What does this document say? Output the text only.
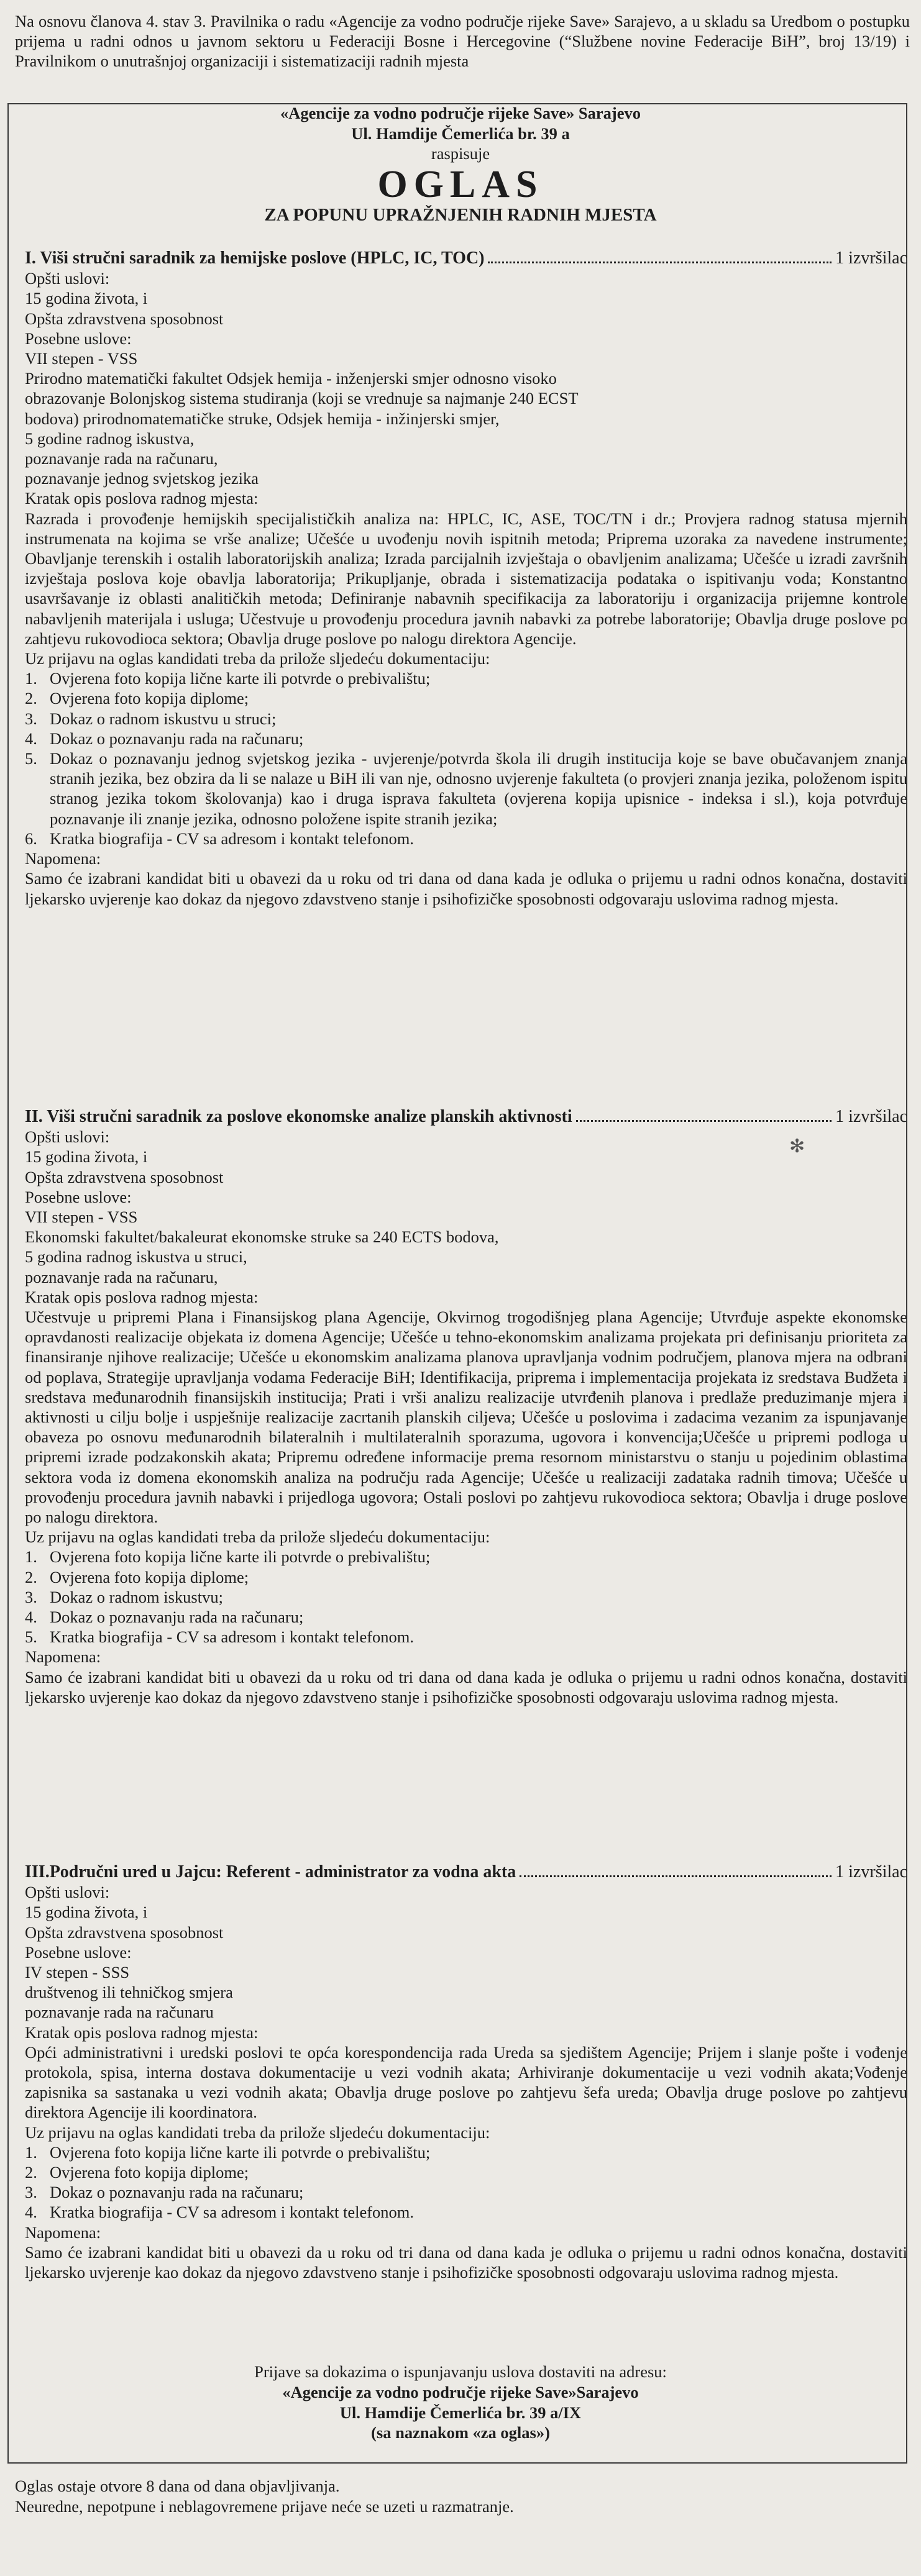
Na osnovu članova 4. stav 3. Pravilnika o radu «Agencije za vodno područje rijeke Save» Sarajevo, a u skladu sa Uredbom o postupku prijema u radni odnos u javnom sektoru u Federaciji Bosne i Hercegovine (“Službene novine Federacije BiH”, broj 13/19) i Pravilnikom o unutrašnjoj organizaciji i sistematizaciji radnih mjesta
«Agencije za vodno područje rijeke Save» Sarajevo
Ul. Hamdije Čemerlića br. 39 a
raspisuje
OGLAS
ZA POPUNU UPRAŽNJENIH RADNIH MJESTA
I. Viši stručni saradnik za hemijske poslove (HPLC, IC, TOC)	1 izvršilac
Opšti uslovi:
15 godina života, i
Opšta zdravstvena sposobnost
Posebne uslove:
VII stepen - VSS
Prirodno matematički fakultet Odsjek hemija - inženjerski smjer odnosno visoko
obrazovanje Bolonjskog sistema studiranja (koji se vrednuje sa najmanje 240 ECST
bodova) prirodnomatematičke struke, Odsjek hemija - inžinjerski smjer,
5 godine radnog iskustva,
poznavanje rada na računaru,
poznavanje jednog svjetskog jezika
Kratak opis poslova radnog mjesta:
Razrada i provođenje hemijskih specijalističkih analiza na: HPLC, IC, ASE, TOC/TN i dr.; Provjera radnog statusa mjernih instrumenata na kojima se vrše analize; Učešće u uvođenju novih ispitnih metoda; Priprema uzoraka za navedene instrumente; Obavljanje terenskih i ostalih laboratorijskih analiza; Izrada parcijalnih izvještaja o obavljenim analizama; Učešće u izradi završnih izvještaja poslova koje obavlja laboratorija; Prikupljanje, obrada i sistematizacija podataka o ispitivanju voda; Konstantno usavršavanje iz oblasti analitičkih metoda; Definiranje nabavnih specifikacija za laboratoriju i organizacija prijemne kontrole nabavljenih materijala i usluga; Učestvuje u provođenju procedura javnih nabavki za potrebe laboratorije; Obavlja druge poslove po zahtjevu rukovodioca sektora; Obavlja druge poslove po nalogu direktora Agencije.
Uz prijavu na oglas kandidati treba da prilože sljedeću dokumentaciju:
1. Ovjerena foto kopija lične karte ili potvrde o prebivalištu;
2. Ovjerena foto kopija diplome;
3. Dokaz o radnom iskustvu u struci;
4. Dokaz o poznavanju rada na računaru;
5. Dokaz o poznavanju jednog svjetskog jezika - uvjerenje/potvrda škola ili drugih institucija koje se bave obučavanjem znanja stranih jezika, bez obzira da li se nalaze u BiH ili van nje, odnosno uvjerenje fakulteta (o provjeri znanja jezika, položenom ispitu stranog jezika tokom školovanja) kao i druga isprava fakulteta (ovjerena kopija upisnice - indeksa i sl.), koja potvrđuje poznavanje ili znanje jezika, odnosno položene ispite stranih jezika;
6. Kratka biografija - CV sa adresom i kontakt telefonom.
Napomena:
Samo će izabrani kandidat biti u obavezi da u roku od tri dana od dana kada je odluka o prijemu u radni odnos konačna, dostaviti ljekarsko uvjerenje kao dokaz da njegovo zdavstveno stanje i psihofizičke sposobnosti odgovaraju uslovima radnog mjesta.
II. Viši stručni saradnik za poslove ekonomske analize planskih aktivnosti	1 izvršilac
Opšti uslovi:
15 godina života, i
Opšta zdravstvena sposobnost
Posebne uslove:
VII stepen - VSS
Ekonomski fakultet/bakaleurat ekonomske struke sa 240 ECTS bodova,
5 godina radnog iskustva u struci,
poznavanje rada na računaru,
Kratak opis poslova radnog mjesta:
Učestvuje u pripremi Plana i Finansijskog plana Agencije, Okvirnog trogodišnjeg plana Agencije; Utvrđuje aspekte ekonomske opravdanosti realizacije objekata iz domena Agencije; Učešće u tehno-ekonomskim analizama projekata pri definisanju prioriteta za finansiranje njihove realizacije; Učešće u ekonomskim analizama planova upravljanja vodnim područjem, planova mjera na odbrani od poplava, Strategije upravljanja vodama Federacije BiH; Identifikacija, priprema i implementacija projekata iz sredstava Budžeta i sredstava međunarodnih finansijskih institucija; Prati i vrši analizu realizacije utvrđenih planova i predlaže preduzimanje mjera i aktivnosti u cilju bolje i uspješnije realizacije zacrtanih planskih ciljeva; Učešće u poslovima i zadacima vezanim za ispunjavanje obaveza po osnovu međunarodnih bilateralnih i multilateralnih sporazuma, ugovora i konvencija;Učešće u pripremi podloga u pripremi izrade podzakonskih akata; Pripremu određene informacije prema resornom ministarstvu o stanju u pojedinim oblastima sektora voda iz domena ekonomskih analiza na području rada Agencije; Učešće u realizaciji zadataka radnih timova; Učešće u provođenju procedura javnih nabavki i prijedloga ugovora; Ostali poslovi po zahtjevu rukovodioca sektora; Obavlja i druge poslove po nalogu direktora.
Uz prijavu na oglas kandidati treba da prilože sljedeću dokumentaciju:
1. Ovjerena foto kopija lične karte ili potvrde o prebivalištu;
2. Ovjerena foto kopija diplome;
3. Dokaz o radnom iskustvu;
4. Dokaz o poznavanju rada na računaru;
5. Kratka biografija - CV sa adresom i kontakt telefonom.
Napomena:
Samo će izabrani kandidat biti u obavezi da u roku od tri dana od dana kada je odluka o prijemu u radni odnos konačna, dostaviti ljekarsko uvjerenje kao dokaz da njegovo zdavstveno stanje i psihofizičke sposobnosti odgovaraju uslovima radnog mjesta.
✻
III.Područni ured u Jajcu: Referent - administrator za vodna akta	1 izvršilac
Opšti uslovi:
15 godina života, i
Opšta zdravstvena sposobnost
Posebne uslove:
IV stepen - SSS
društvenog ili tehničkog smjera
poznavanje rada na računaru
Kratak opis poslova radnog mjesta:
Opći administrativni i uredski poslovi te opća korespondencija rada Ureda sa sjedištem Agencije; Prijem i slanje pošte i vođenje protokola, spisa, interna dostava dokumentacije u vezi vodnih akata; Arhiviranje dokumentacije u vezi vodnih akata;Vođenje zapisnika sa sastanaka u vezi vodnih akata; Obavlja druge poslove po zahtjevu šefa ureda; Obavlja druge poslove po zahtjevu direktora Agencije ili koordinatora.
Uz prijavu na oglas kandidati treba da prilože sljedeću dokumentaciju:
1. Ovjerena foto kopija lične karte ili potvrde o prebivalištu;
2. Ovjerena foto kopija diplome;
3. Dokaz o poznavanju rada na računaru;
4. Kratka biografija - CV sa adresom i kontakt telefonom.
Napomena:
Samo će izabrani kandidat biti u obavezi da u roku od tri dana od dana kada je odluka o prijemu u radni odnos konačna, dostaviti ljekarsko uvjerenje kao dokaz da njegovo zdavstveno stanje i psihofizičke sposobnosti odgovaraju uslovima radnog mjesta.
Prijave sa dokazima o ispunjavanju uslova dostaviti na adresu:
«Agencije za vodno područje rijeke Save»Sarajevo
Ul. Hamdije Čemerlića br. 39 a/IX
(sa naznakom «za oglas»)
Oglas ostaje otvore 8 dana od dana objavljivanja.
Neuredne, nepotpune i neblagovremene prijave neće se uzeti u razmatranje.
